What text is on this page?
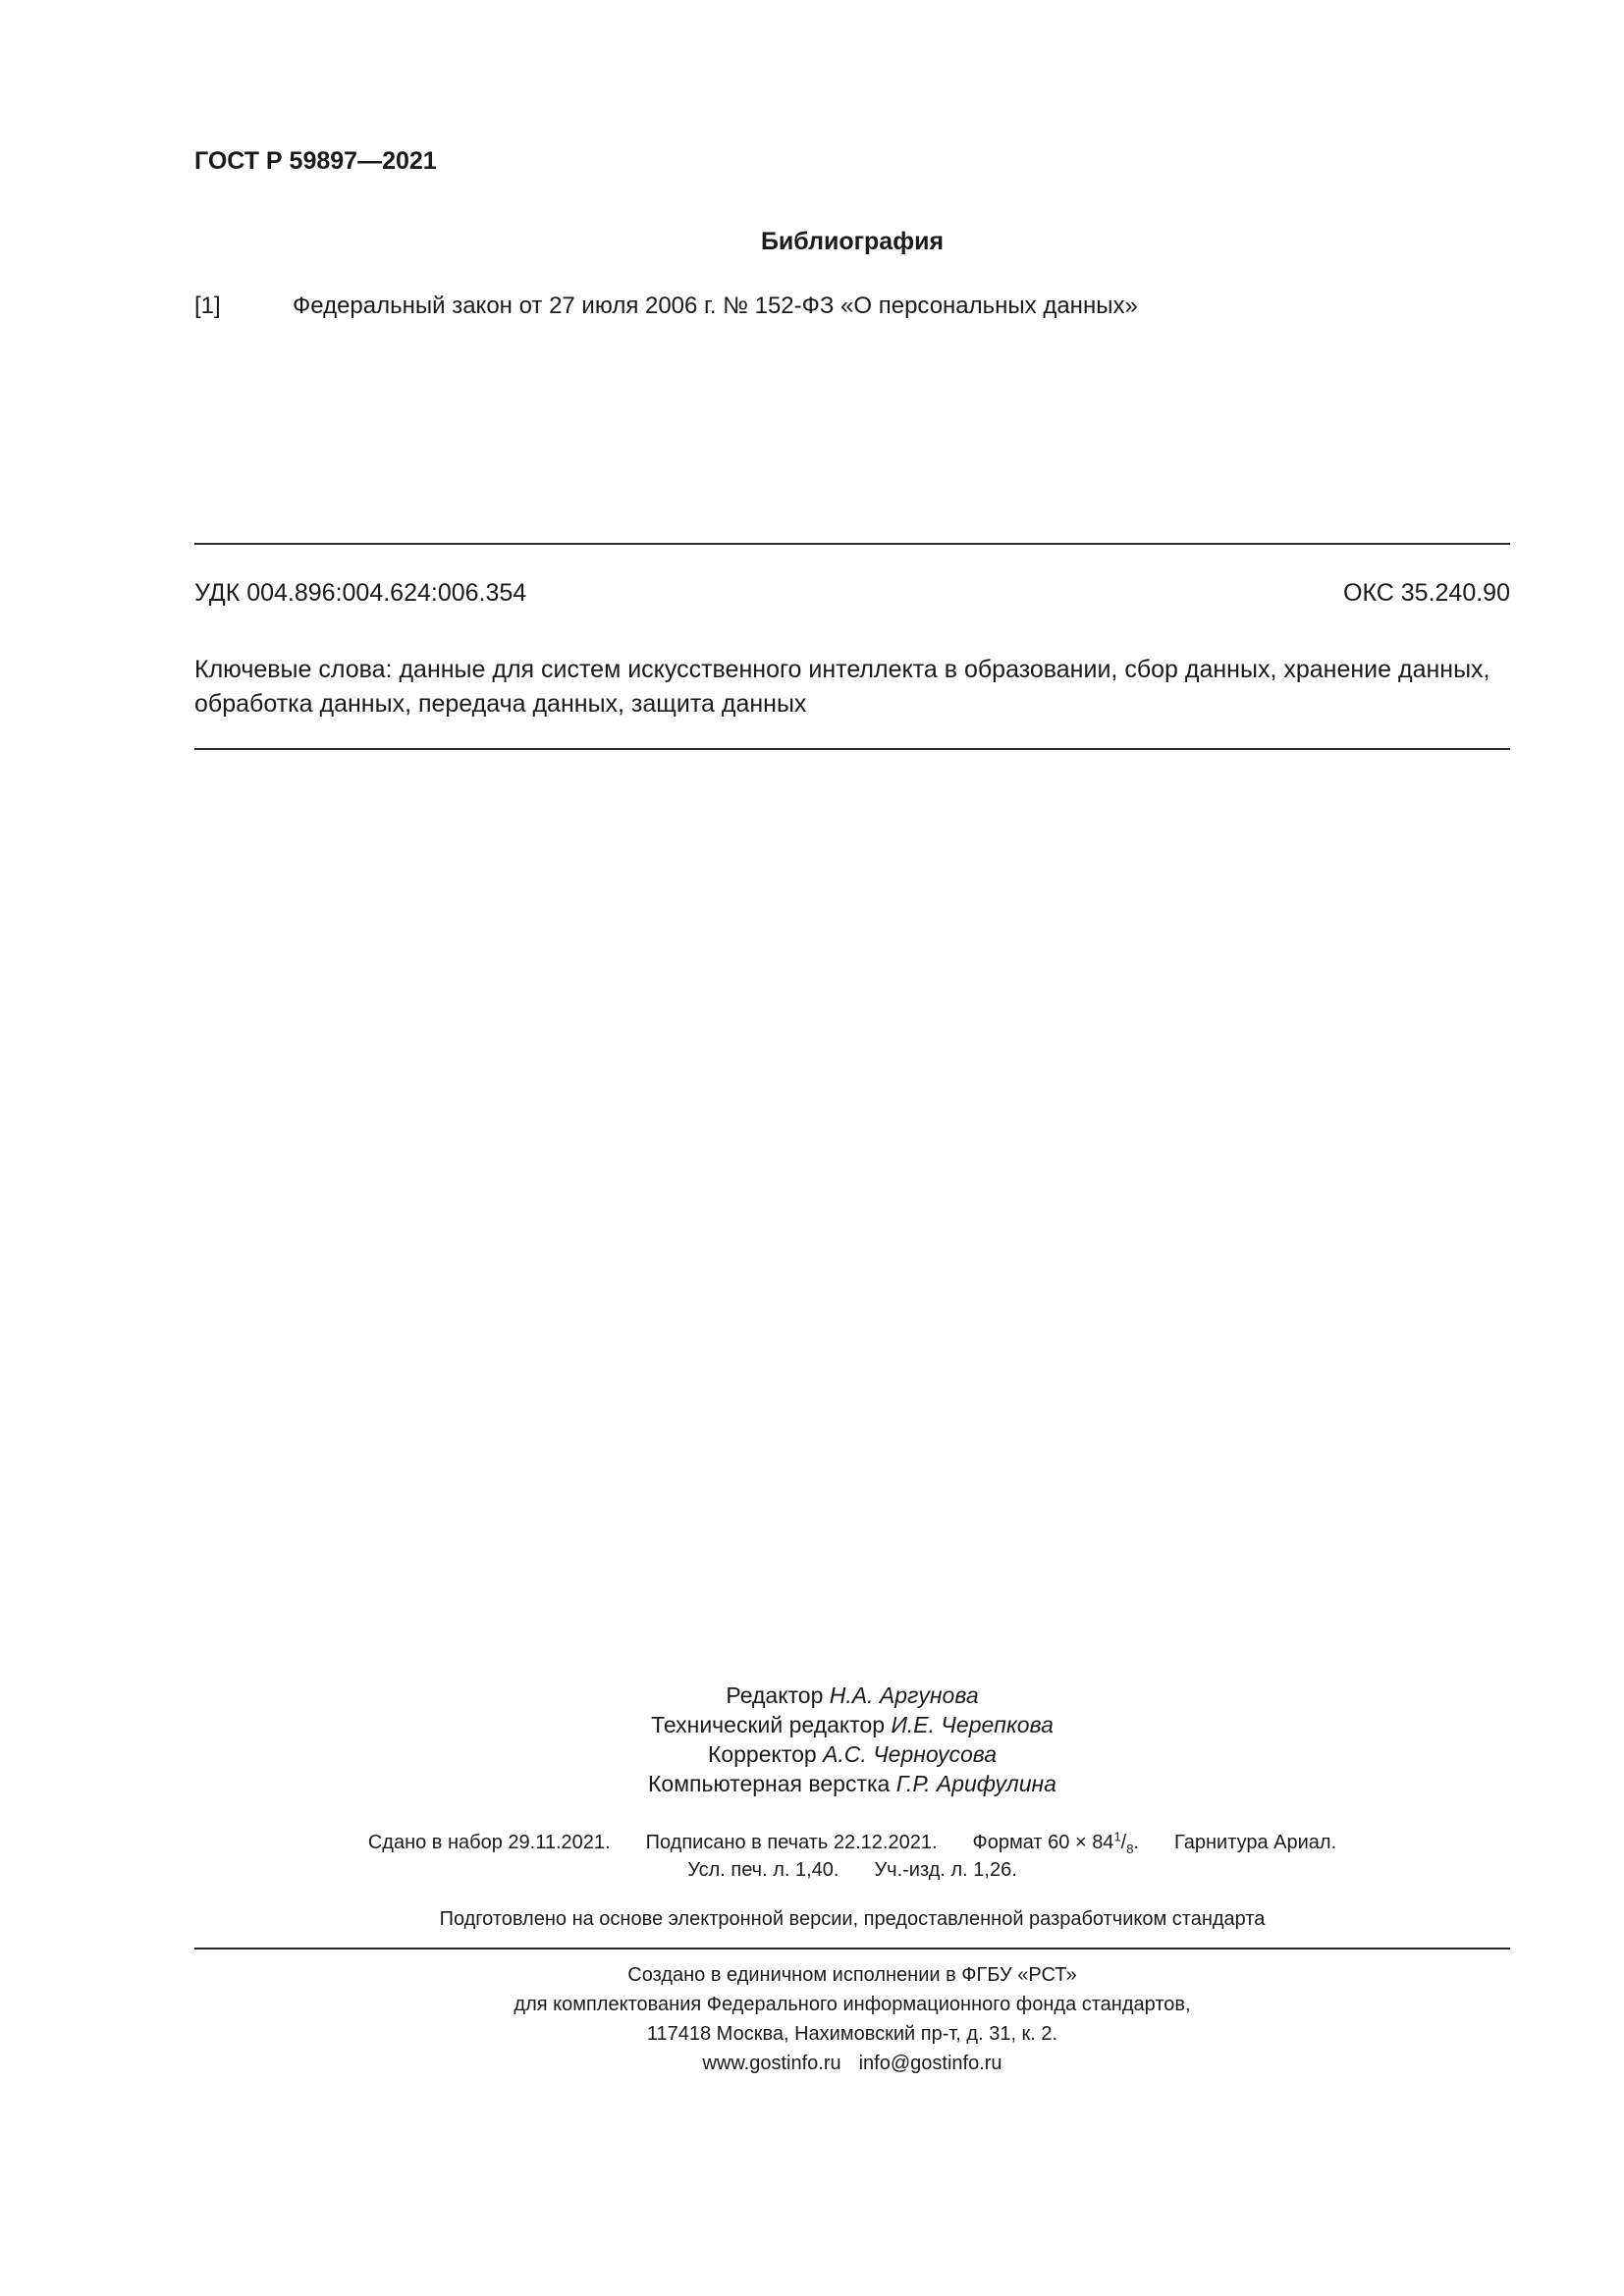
ГОСТ Р 59897—2021
Библиография
[1]	Федеральный закон от 27 июля 2006 г. № 152-ФЗ «О персональных данных»
УДК 004.896:004.624:006.354	ОКС 35.240.90
Ключевые слова: данные для систем искусственного интеллекта в образовании, сбор данных, хранение данных, обработка данных, передача данных, защита данных
Редактор Н.А. Аргунова
Технический редактор И.Е. Черепкова
Корректор А.С. Черноусова
Компьютерная верстка Г.Р. Арифулина
Сдано в набор 29.11.2021. Подписано в печать 22.12.2021. Формат $60 \times 84^1/_8$. Гарнитура Ариал.
Усл. печ. л. 1,40. Уч.-изд. л. 1,26.
Подготовлено на основе электронной версии, предоставленной разработчиком стандарта
Создано в единичном исполнении в ФГБУ «РСТ»
для комплектования Федерального информационного фонда стандартов,
117418 Москва, Нахимовский пр-т, д. 31, к. 2.
www.gostinfo.ru info@gostinfo.ru
